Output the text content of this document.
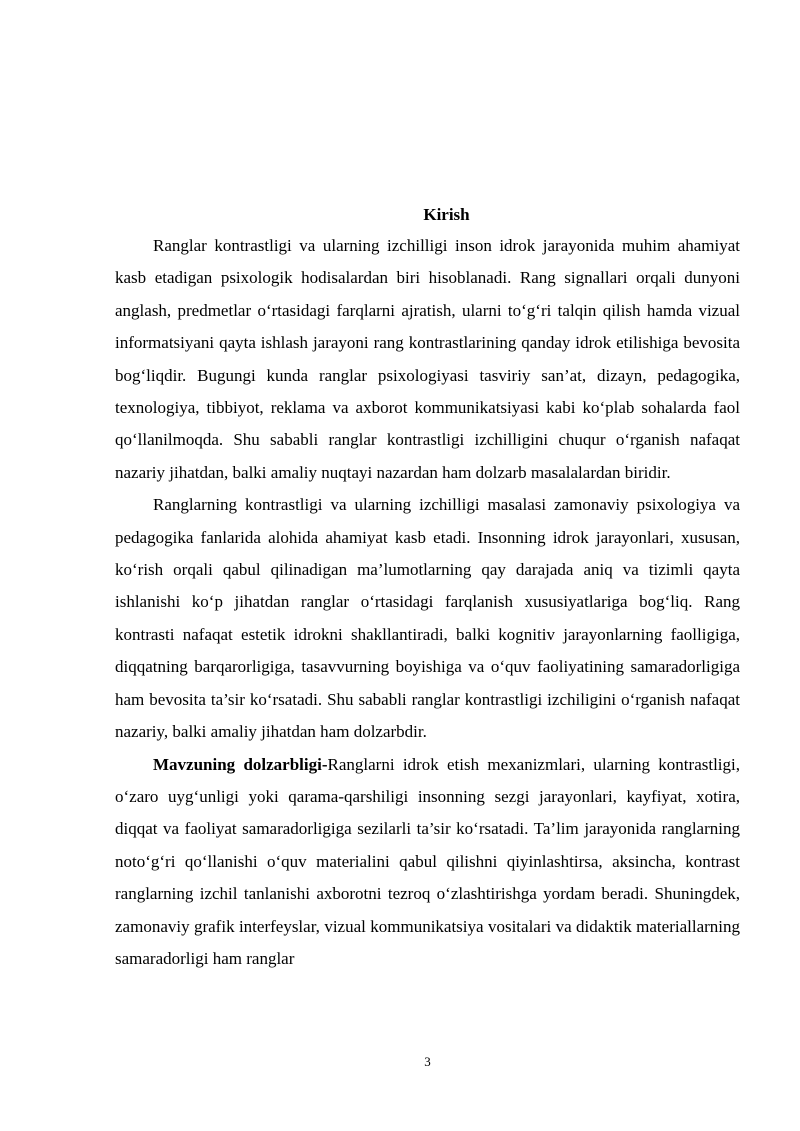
Kirish

Ranglar kontrastligi va ularning izchilligi inson idrok jarayonida muhim ahamiyat kasb etadigan psixologik hodisalardan biri hisoblanadi. Rang signallari orqali dunyoni anglash, predmetlar o‘rtasidagi farqlarni ajratish, ularni to‘g‘ri talqin qilish hamda vizual informatsiyani qayta ishlash jarayoni rang kontrastlarining qanday idrok etilishiga bevosita bog‘liqdir. Bugungi kunda ranglar psixologiyasi tasviriy san’at, dizayn, pedagogika, texnologiya, tibbiyot, reklama va axborot kommunikatsiyasi kabi ko‘plab sohalarda faol qo‘llanilmoqda. Shu sababli ranglar kontrastligi izchilligini chuqur o‘rganish nafaqat nazariy jihatdan, balki amaliy nuqtayi nazardan ham dolzarb masalalardan biridir.

Ranglarning kontrastligi va ularning izchilligi masalasi zamonaviy psixologiya va pedagogika fanlarida alohida ahamiyat kasb etadi. Insonning idrok jarayonlari, xususan, ko‘rish orqali qabul qilinadigan ma’lumotlarning qay darajada aniq va tizimli qayta ishlanishi ko‘p jihatdan ranglar o‘rtasidagi farqlanish xususiyatlariga bog‘liq. Rang kontrasti nafaqat estetik idrokni shakllantiradi, balki kognitiv jarayonlarning faolligiga, diqqatning barqarorligiga, tasavvurning boyishiga va o‘quv faoliyatining samaradorligiga ham bevosita ta’sir ko‘rsatadi. Shu sababli ranglar kontrastligi izchiligini o‘rganish nafaqat nazariy, balki amaliy jihatdan ham dolzarbdir.

Mavzuning dolzarbligi-Ranglarni idrok etish mexanizmlari, ularning kontrastligi, o‘zaro uyg‘unligi yoki qarama-qarshiligi insonning sezgi jarayonlari, kayfiyat, xotira, diqqat va faoliyat samaradorligiga sezilarli ta’sir ko‘rsatadi. Ta’lim jarayonida ranglarning noto‘g‘ri qo‘llanishi o‘quv materialini qabul qilishni qiyinlashtirsa, aksincha, kontrast ranglarning izchil tanlanishi axborotni tezroq o‘zlashtirishga yordam beradi. Shuningdek, zamonaviy grafik interfeyslar, vizual kommunikatsiya vositalari va didaktik materiallarning samaradorligi ham ranglar

3
